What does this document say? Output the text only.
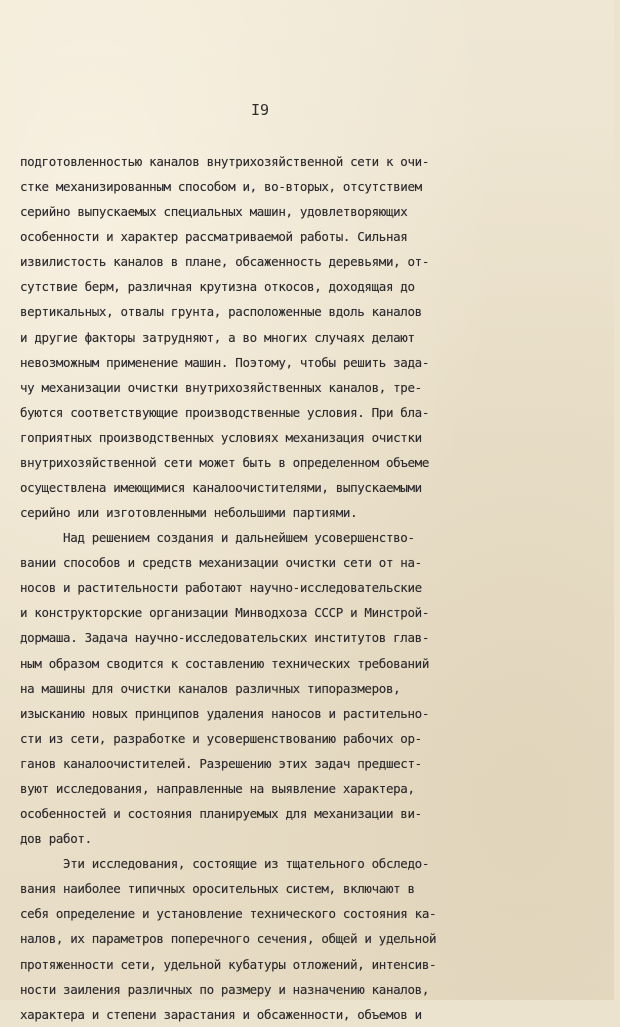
I9
подготовленностью каналов внутрихозяйственной сети к очи-
стке механизированным способом и, во-вторых, отсутствием
серийно выпускаемых специальных машин, удовлетворяющих
особенности и характер рассматриваемой работы. Сильная
извилистость каналов в плане, обсаженность деревьями, от-
сутствие берм, различная крутизна откосов, доходящая до
вертикальных, отвалы грунта, расположенные вдоль каналов
и другие факторы затрудняют, а во многих случаях делают
невозможным применение машин. Поэтому, чтобы решить зада-
чу механизации очистки внутрихозяйственных каналов, тре-
буются соответствующие производственные условия. При бла-
гоприятных производственных условиях механизация очистки
внутрихозяйственной сети может быть в определенном объеме
осуществлена имеющимися каналоочистителями, выпускаемыми
серийно или изготовленными небольшими партиями.
Над решением создания и дальнейшем усовершенство-
вании способов и средств механизации очистки сети от на-
носов и растительности работают научно-исследовательские
и конструкторские организации Минводхоза СССР и Минстрой-
дормаша. Задача научно-исследовательских институтов глав-
ным образом сводится к составлению технических требований
на машины для очистки каналов различных типоразмеров,
изысканию новых принципов удаления наносов и растительно-
сти из сети, разработке и усовершенствованию рабочих ор-
ганов каналоочистителей. Разрешению этих задач предшест-
вуют исследования, направленные на выявление характера,
особенностей и состояния планируемых для механизации ви-
дов работ.
Эти исследования, состоящие из тщательного обследо-
вания наиболее типичных оросительных систем, включают в
себя определение и установление технического состояния ка-
налов, их параметров поперечного сечения, общей и удельной
протяженности сети, удельной кубатуры отложений, интенсив-
ности заиления различных по размеру и назначению каналов,
характера и степени зарастания и обсаженности, объемов и
